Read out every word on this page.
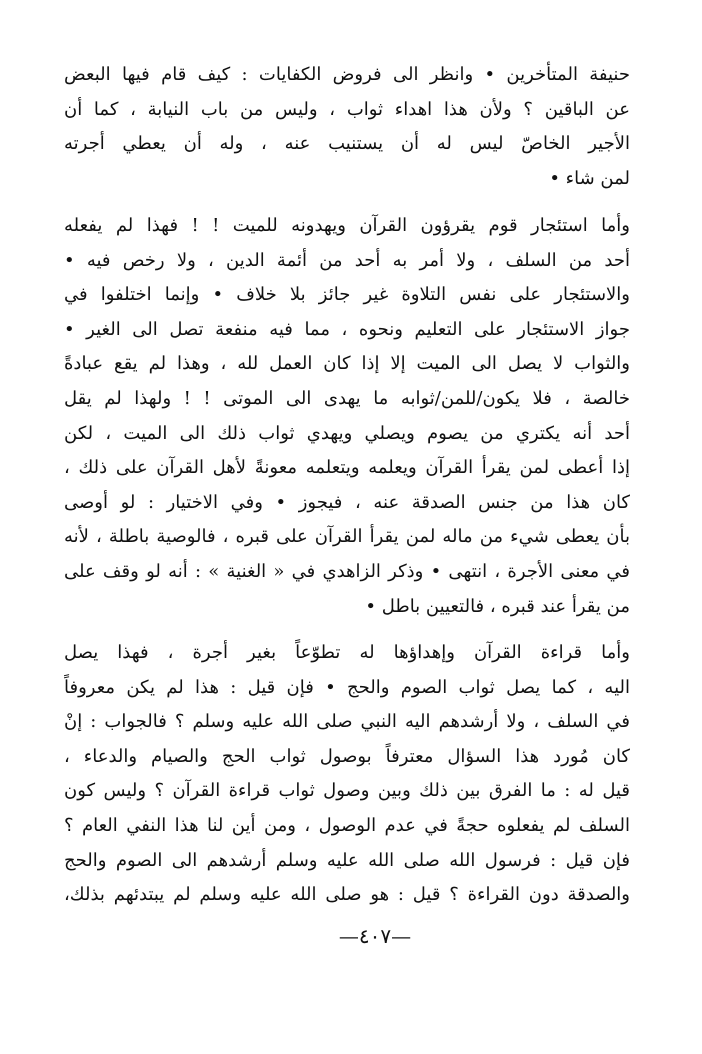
حنيفة المتأخرين • وانظر الى فروض الكفايات : كيف قام فيها البعض
عن الباقين ؟ ولأن هذا اهداء ثواب ، وليس من باب النيابة ، كما أن
الأجير الخاصّ ليس له أن يستنيب عنه ، وله أن يعطي أجرته
لمن شاء •
وأما استئجار قوم يقرؤون القرآن ويهدونه للميت ! ! فهذا لم يفعله
أحد من السلف ، ولا أمر به أحد من أئمة الدين ، ولا رخص فيه •
والاستئجار على نفس التلاوة غير جائز بلا خلاف • وإنما اختلفوا في
جواز الاستئجار على التعليم ونحوه ، مما فيه منفعة تصل الى الغير •
والثواب لا يصل الى الميت إلا إذا كان العمل لله ، وهذا لم يقع عبادةً
خالصة ، فلا يكون/للمن/ثوابه ما يهدى الى الموتى ! ! ولهذا لم يقل
أحد أنه يكتري من يصوم ويصلي ويهدي ثواب ذلك الى الميت ، لكن
إذا أعطى لمن يقرأ القرآن ويعلمه ويتعلمه معونةً لأهل القرآن على ذلك ،
كان هذا من جنس الصدقة عنه ، فيجوز • وفي الاختيار : لو أوصى
بأن يعطى شيء من ماله لمن يقرأ القرآن على قبره ، فالوصية باطلة ، لأنه
في معنى الأجرة ، انتهى • وذكر الزاهدي في « الغنية » : أنه لو وقف على
من يقرأ عند قبره ، فالتعيين باطل •
وأما قراءة القرآن وإهداؤها له تطوّعاً بغير أجرة ، فهذا يصل
اليه ، كما يصل ثواب الصوم والحج • فإن قيل : هذا لم يكن معروفاً
في السلف ، ولا أرشدهم اليه النبي صلى الله عليه وسلم ؟ فالجواب : إنْ
كان مُورد هذا السؤال معترفاً بوصول ثواب الحج والصيام والدعاء ،
قيل له : ما الفرق بين ذلك وبين وصول ثواب قراءة القرآن ؟ وليس كون
السلف لم يفعلوه حجةً في عدم الوصول ، ومن أين لنا هذا النفي العام ؟
فإن قيل : فرسول الله صلى الله عليه وسلم أرشدهم الى الصوم والحج
والصدقة دون القراءة ؟ قيل : هو صلى الله عليه وسلم لم يبتدئهم بذلك،
—٤٠٧—
